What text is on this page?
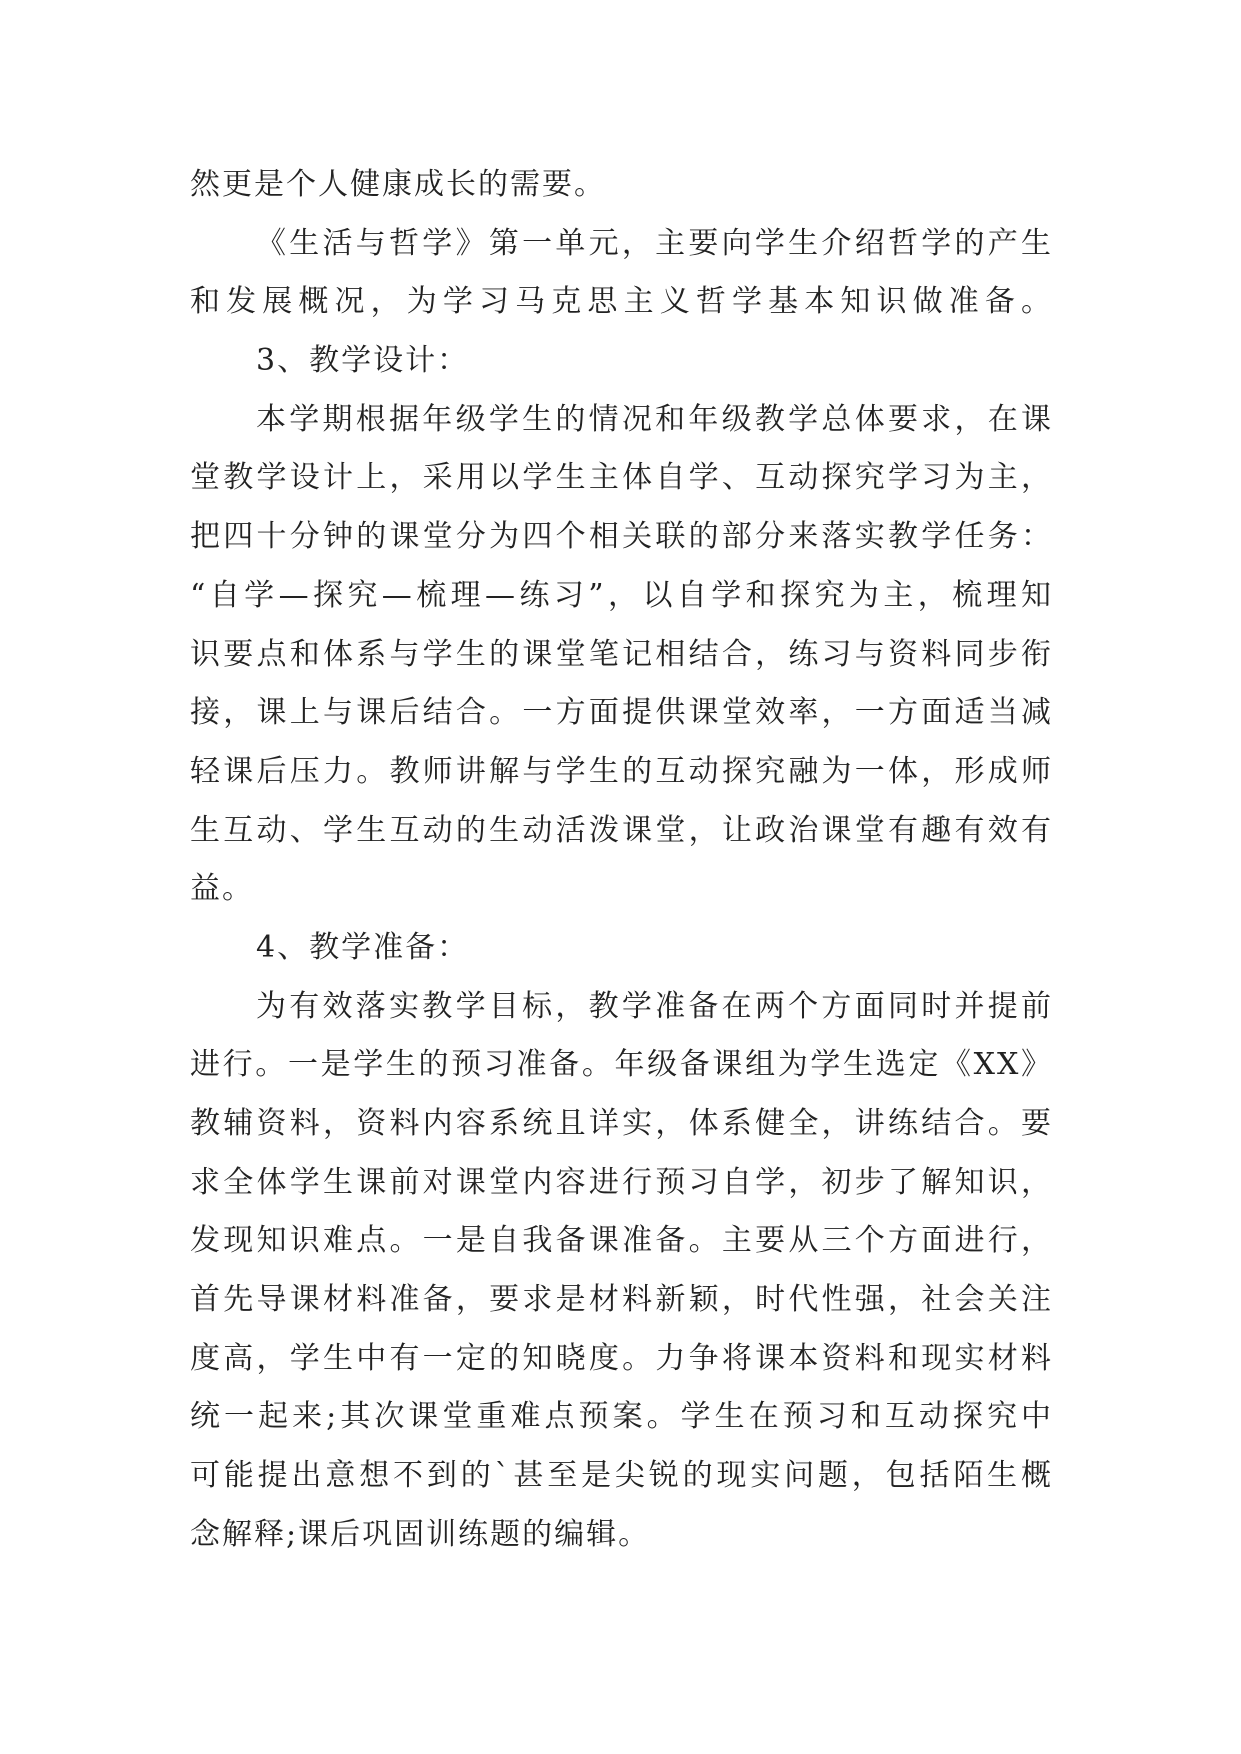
然更是个人健康成长的需要。
《生活与哲学》第一单元，主要向学生介绍哲学的产生
和发展概况，为学习马克思主义哲学基本知识做准备。
3、教学设计：
本学期根据年级学生的情况和年级教学总体要求，在课
堂教学设计上，采用以学生主体自学、互动探究学习为主，
把四十分钟的课堂分为四个相关联的部分来落实教学任务：
“自学—探究—梳理—练习”，以自学和探究为主，梳理知
识要点和体系与学生的课堂笔记相结合，练习与资料同步衔
接，课上与课后结合。一方面提供课堂效率，一方面适当减
轻课后压力。教师讲解与学生的互动探究融为一体，形成师
生互动、学生互动的生动活泼课堂，让政治课堂有趣有效有
益。
4、教学准备：
为有效落实教学目标，教学准备在两个方面同时并提前
进行。一是学生的预习准备。年级备课组为学生选定《XX》
教辅资料，资料内容系统且详实，体系健全，讲练结合。要
求全体学生课前对课堂内容进行预习自学，初步了解知识，
发现知识难点。一是自我备课准备。主要从三个方面进行，
首先导课材料准备，要求是材料新颖，时代性强，社会关注
度高，学生中有一定的知晓度。力争将课本资料和现实材料
统一起来;其次课堂重难点预案。学生在预习和互动探究中
可能提出意想不到的`甚至是尖锐的现实问题，包括陌生概
念解释;课后巩固训练题的编辑。
